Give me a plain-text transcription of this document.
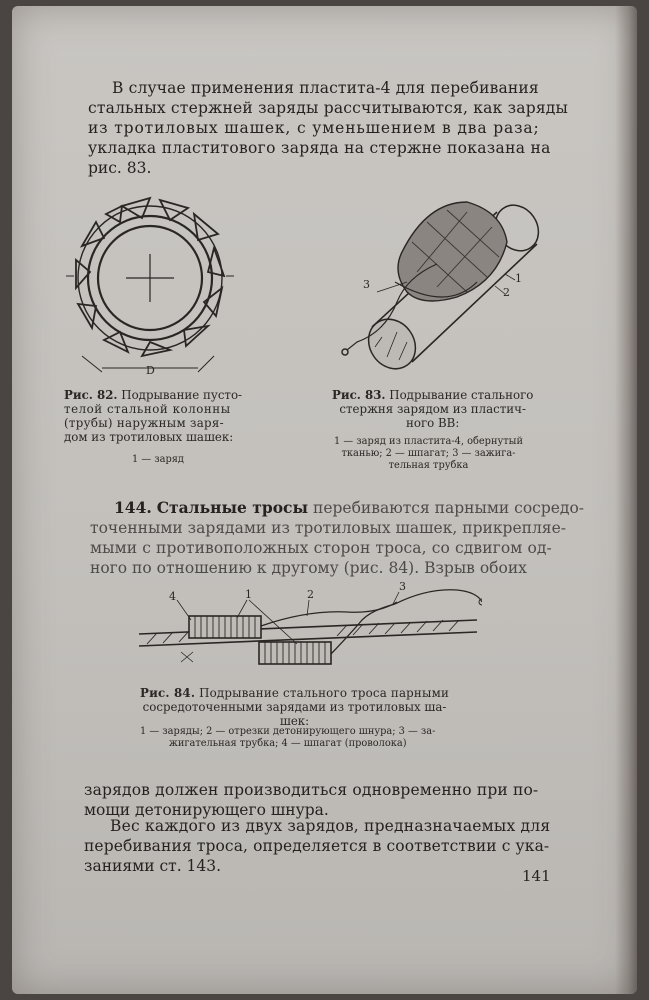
В случае применения пластита-4 для перебивания
стальных стержней заряды рассчитываются, как заряды
из тротиловых шашек, с уменьшением в два раза;
укладка пластитового заряда на стержне показана на
рис. 83.
D
1
2
3
Рис. 82. Подрывание пусто-
телой стальной колонны
(трубы) наружным заря-
дом из тротиловых шашек:
1 — заряд
Рис. 83. Подрывание стального
стержня зарядом из пластич-
ного ВВ:
1 — заряд из пластита-4, обернутый
тканью; 2 — шпагат; 3 — зажига-
тельная трубка
144. Стальные тросы перебиваются парными сосредо-
точенными зарядами из тротиловых шашек, прикрепляе-
мыми с противоположных сторон троса, со сдвигом од-
ного по отношению к другому (рис. 84). Взрыв обоих
4	1	2
3
Рис. 84. Подрывание стального троса парными
сосредоточенными зарядами из тротиловых ша-
шек:
1 — заряды; 2 — отрезки детонирующего шнура; 3 — за-
жигательная трубка; 4 — шпагат (проволока)
зарядов должен производиться одновременно при по-
мощи детонирующего шнура.
Вес каждого из двух зарядов, предназначаемых для
перебивания троса, определяется в соответствии с ука-
заниями ст. 143.
141
